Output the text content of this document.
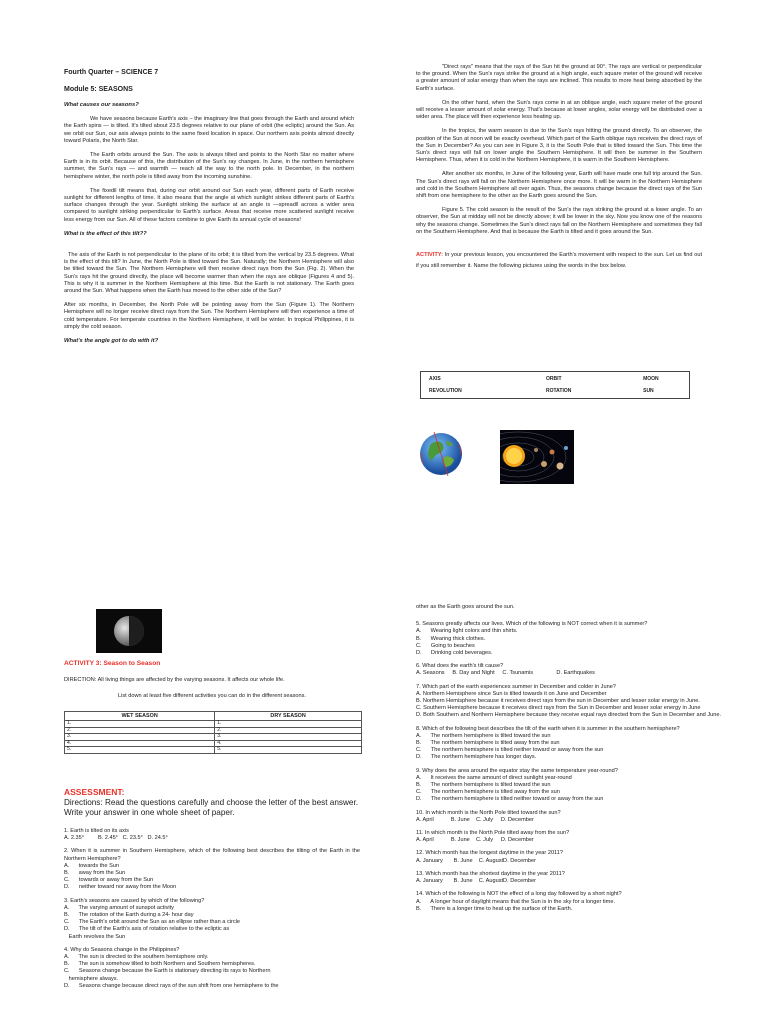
Fourth Quarter – SCIENCE 7

Module 5: SEASONS

What causes our seasons?

We have seasons because Earth's axis – the imaginary line that goes through the Earth and around which the Earth spins — is tilted. It's tilted about 23.5 degrees relative to our plane of orbit (the ecliptic) around the Sun. As we orbit our Sun, our axis always points to the same fixed location in space. Our northern axis points almost directly toward Polaris, the North Star.

The Earth orbits around the Sun. The axis is always tilted and points to the North Star no matter where Earth is in its orbit. Because of this, the distribution of the Sun's ray changes. In June, in the northern hemisphere summer, the Sun's rays — and warmth — reach all the way to the north pole. In December, in the northern hemisphere winter, the north pole is tilted away from the incoming sunshine.

The fixedil tilt means that, during our orbit around our Sun each year, different parts of Earth receive sunlight for different lengths of time. It also means that the angle at which sunlight strikes different parts of Earth's surface changes through the year. Sunlight striking the surface at an angle is —spreadǁ across a wider area compared to sunlight striking perpendicular to Earth's surface. Areas that receive more scattered sunlight receive less energy from our Sun. All of these factors combine to give Earth its annual cycle of seasons!

What is the effect of this tilt??

The axis of the Earth is not perpendicular to the plane of its orbit; it is tilted from the vertical by 23.5 degrees. What is the effect of this tilt? In June, the North Pole is tilted toward the Sun. Naturally; the Northern Hemisphere will also be tilted toward the Sun. The Northern Hemisphere will then receive direct rays from the Sun (Fig. 2). When the Sun's rays hit the ground directly, the place will become warmer than when the rays are oblique (Figures 4 and 5). This is why it is summer in the Northern Hemisphere at this time. But the Earth is not stationary. The Earth goes around the Sun. What happens when the Earth has moved to the other side of the Sun?

After six months, in December, the North Pole will be pointing away from the Sun (Figure 1). The Northern Hemisphere will no longer receive direct rays from the Sun. The Northern Hemisphere will then experience a time of cold temperature. For temperate countries in the Northern Hemisphere, it will be winter. In tropical Philippines, it is simply the cold season.

What's the angle got to do with it?

"Direct rays" means that the rays of the Sun hit the ground at 90°. The rays are vertical or perpendicular to the ground. When the Sun's rays strike the ground at a high angle, each square meter of the ground will receive a greater amount of solar energy than when the rays are inclined. This results to more heat being absorbed by the Earth's surface.

On the other hand, when the Sun's rays come in at an oblique angle, each square meter of the ground will receive a lesser amount of solar energy. That's because at lower angles, solar energy will be distributed over a wider area. The place will then experience less heating up.

In the tropics, the warm season is due to the Sun's rays hitting the ground directly. To an observer, the position of the Sun at noon will be exactly overhead. Which part of the Earth oblique rays receives the direct rays of the Sun in December? As you can see in Figure 3, it is the South Pole that is tilted toward the Sun. This time the Sun's direct rays will fall on lower angle the Southern Hemisphere. It will then be summer in the Southern Hemisphere. Thus, when it is cold in the Northern Hemisphere, it is warm in the Southern Hemisphere.

After another six months, in June of the following year, Earth will have made one full trip around the Sun. The Sun's direct rays will fall on the Northern Hemisphere once more. It will be warm in the Northern Hemisphere and cold in the Southern Hemisphere all over again. Thus, the seasons change because the direct rays of the Sun shift from one hemisphere to the other as the Earth goes around the Sun.

Figure 5. The cold season is the result of the Sun's the rays striking the ground at a lower angle. To an observer, the Sun at midday will not be directly above; it will be lower in the sky. Now you know one of the reasons why the seasons change. Sometimes the Sun's direct rays fall on the Northern Hemisphere and sometimes they fall on the Southern Hemisphere. And that is because the Earth is tilted and it goes around the Sun.

ACTIVITY: In your previous lesson, you encountered the Earth's movement with respect to the sun. Let us find out if you still remember it. Name the following pictures using the words in the box below.

AXIS	ORBIT	MOON
REVOLUTION	ROTATION	SUN

ACTIVITY 3: Season to Season

DIRECTION: All living things are affected by the varying seasons. It affects our whole life.

List down at least five different activities you can do in the different seasons.

WET SEASON	DRY SEASON
1.	1.
2.	2.
3.	3.
4.	4.
5.	5.

ASSESSMENT:

Directions: Read the questions carefully and choose the letter of the best answer. Write your answer in one whole sheet of paper.

1. Earth is tilted on its axis

A. 2.35°         B. 2.45°   C. 23.5°   D. 24.5°

2. When it is summer in Southern Hemisphere, which of the following best describes the tilting of the Earth in the Northern Hemisphere?

A.      towards the Sun

B.      away from the Sun

C.      towards or away from the Sun

D.      neither toward nor away from the Moon

3. Earth's seasons are caused by which of the following?

A.      The varying amount of sunspot activity

B.      The rotation of the Earth during a 24- hour day

C.      The Earth's orbit around the Sun as an ellipse rather than a circle

D.      The tilt of the Earth's axis of rotation relative to the ecliptic as

Earth revolves the Sun

4. Why do Seasons change in the Philippines?

A.      The sun is directed to the southern hemisphere only.

B.      The sun is somehow tilted to both Northern and Southern hemispheres.

C.      Seasons change because the Earth is stationary directing its rays to Northern

hemisphere always.

D.      Seasons change because direct rays of the sun shift from one hemisphere to the

other as the Earth goes around the sun.

5. Seasons greatly affects our lives. Which of the following is NOT correct when it is summer?

A.      Wearing light colors and thin shirts.

B.      Wearing thick clothes.

C.      Going to beaches

D.      Drinking cold beverages.

6. What does the earth's tilt cause?

A. Seasons     B. Day and Night     C. Tsunamis               D. Earthquakes

7. Which part of the earth experiences summer in December and colder in June?

A. Northern Hemisphere since Sun is tilted towards it on June and December

B. Northern Hemisphere because it receives direct rays from the sun in December and lesser solar energy in June.

C. Southern Hemisphere because it receives direct rays from the Sun in December and lesser solar energy in June

D. Both Southern and Northern Hemisphere because they receive equal rays directed from the Sun in December and June.

8. Which of the following best describes the tilt of the earth when it is summer in the southern hemisphere?

A.      The northern hemisphere is tilted toward the sun

B.      The northern hemisphere is tilted away from the sun

C.      The northern hemisphere is tilted neither toward or away from the sun

D.      The northern hemisphere has longer days.

9. Why does the area around the equator stay the same temperature year-round?

A.      It receives the same amount of direct sunlight year-round

B.      The northern hemisphere is tilted toward the sun

C.      The northern hemisphere is tilted away from the sun

D.      The northern hemisphere is tilted neither toward or away from the sun

10. In which month is the North Pole tilted toward the sun?

A. April           B. June    C. July     D. December

11. In which month is the North Pole tilted away from the sun?

A. April           B. June    C. July     D. December

12. Which month has the longest daytime in the year 2011?

A. January       B. June    C. AugustD. December

13. Which month has the shortest daytime in the year 2011?

A. January       B. June    C. AugustD. December

14. Which of the following is NOT the effect of a long day followed by a short night?

A.      A longer hour of daylight means that the Sun is in the sky for a longer time.

B.      There is a longer time to heat up the surface of the Earth.
